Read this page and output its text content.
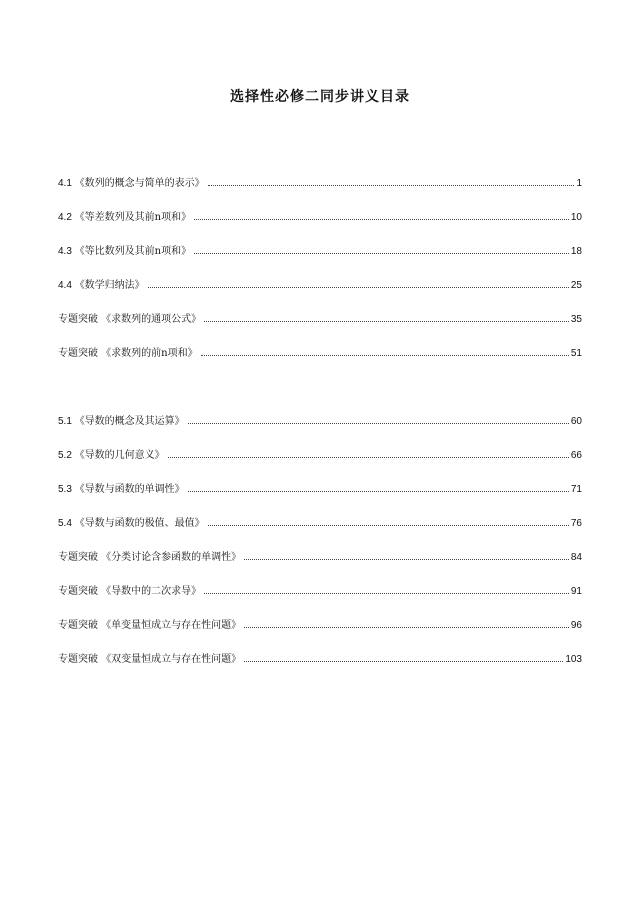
选择性必修二同步讲义目录
4.1 《数列的概念与简单的表示》	1
4.2 《等差数列及其前n项和》	10
4.3 《等比数列及其前n项和》	18
4.4 《数学归纳法》	25
专题突破 《求数列的通项公式》	35
专题突破 《求数列的前n项和》	51
5.1 《导数的概念及其运算》	60
5.2 《导数的几何意义》	66
5.3 《导数与函数的单调性》	71
5.4 《导数与函数的极值、最值》	76
专题突破 《分类讨论含参函数的单调性》	84
专题突破 《导数中的二次求导》	91
专题突破 《单变量恒成立与存在性问题》	96
专题突破 《双变量恒成立与存在性问题》	103
